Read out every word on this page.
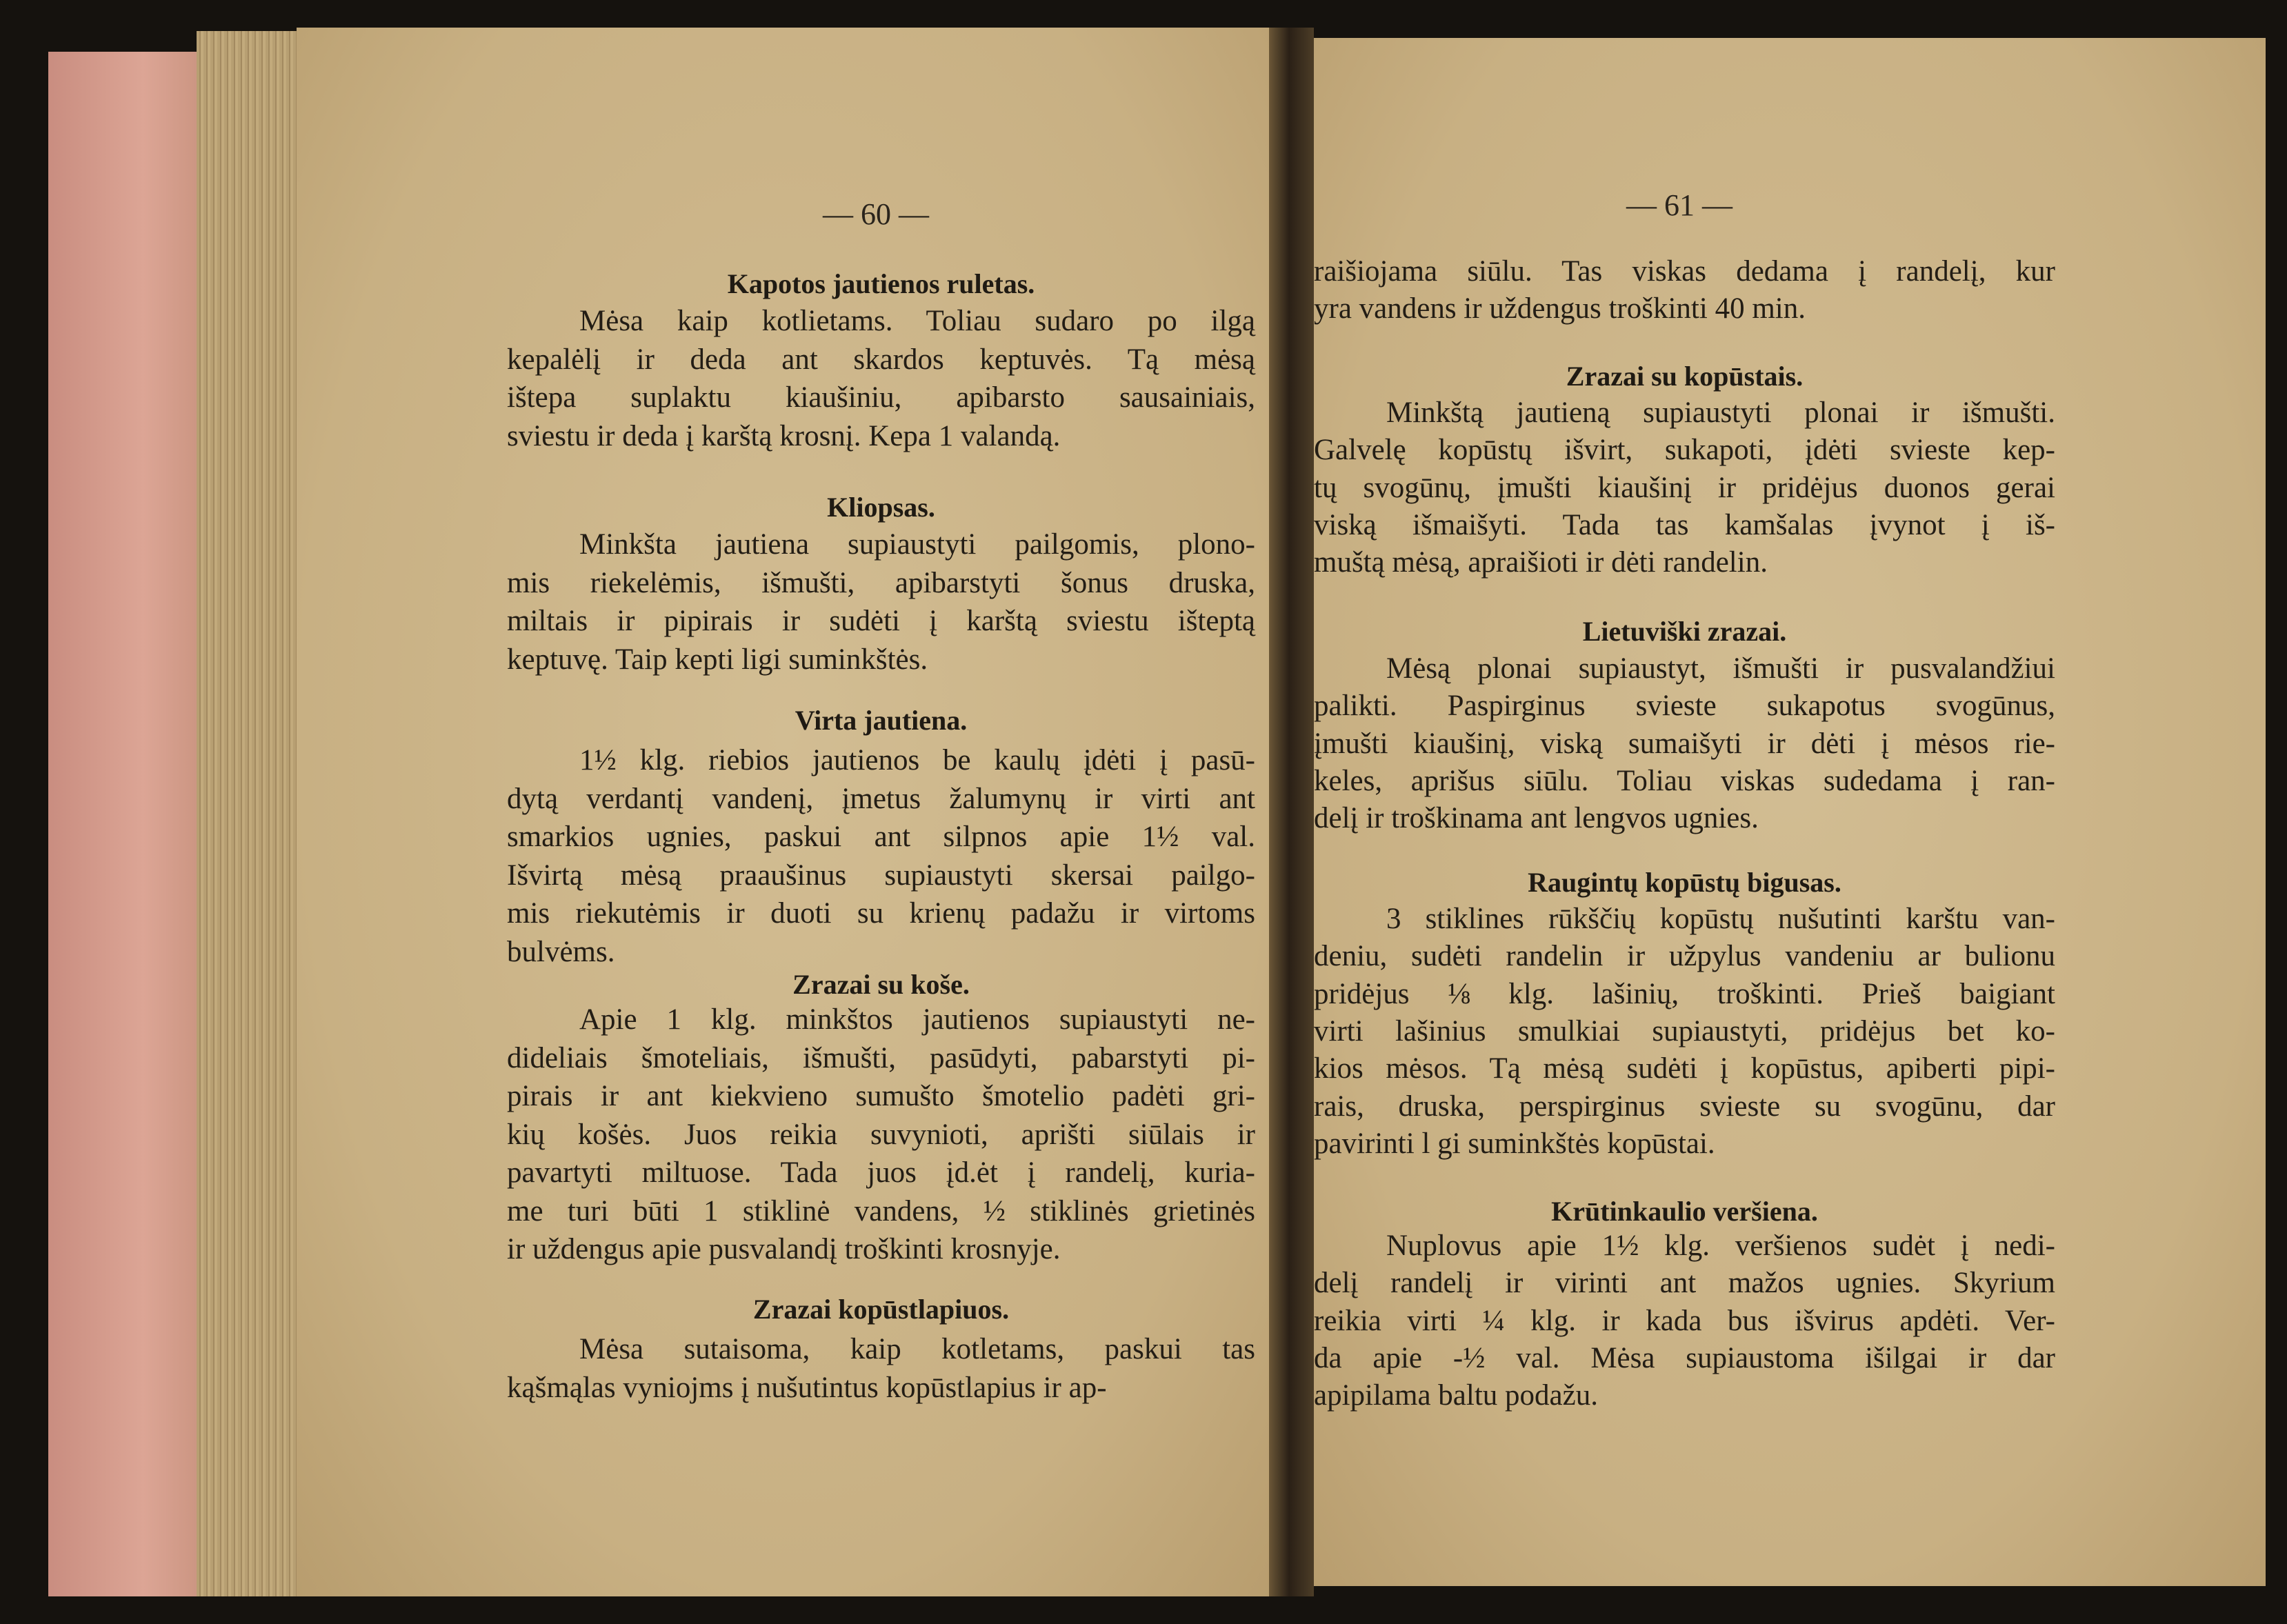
— 60 —	— 61 —
Kapotos jautienos ruletas.
Mėsa kaip kotlietams. Toliau sudaro po ilgą
kepalėlį ir deda ant skardos keptuvės. Tą mėsą
ištepa suplaktu kiaušiniu, apibarsto sausainiais,
sviestu ir deda į karštą krosnį. Kepa 1 valandą.
Kliopsas.
Minkšta jautiena supiaustyti pailgomis, plono-
mis riekelėmis, išmušti, apibarstyti šonus druska,
miltais ir pipirais ir sudėti į karštą sviestu išteptą
keptuvę. Taip kepti ligi suminkštės.
Virta jautiena.
1½ klg. riebios jautienos be kaulų įdėti į pasū-
dytą verdantį vandenį, įmetus žalumynų ir virti ant
smarkios ugnies, paskui ant silpnos apie 1½ val.
Išvirtą mėsą praaušinus supiaustyti skersai pailgo-
mis riekutėmis ir duoti su krienų padažu ir virtoms
bulvėms.
Zrazai su koše.
Apie 1 klg. minkštos jautienos supiaustyti ne-
dideliais šmoteliais, išmušti, pasūdyti, pabarstyti pi-
pirais ir ant kiekvieno sumušto šmotelio padėti gri-
kių košės. Juos reikia suvynioti, aprišti siūlais ir
pavartyti miltuose. Tada juos įd.ėt į randelį, kuria-
me turi būti 1 stiklinė vandens, ½ stiklinės grietinės
ir uždengus apie pusvalandį troškinti krosnyje.
Zrazai kopūstlapiuos.
Mėsa sutaisoma, kaip kotletams, paskui tas
kąšmąlas vyniojms į nušutintus kopūstlapius ir ap-
raišiojama siūlu. Tas viskas dedama į randelį, kur
yra vandens ir uždengus troškinti 40 min.
Zrazai su kopūstais.
Minkštą jautieną supiaustyti plonai ir išmušti.
Galvelę kopūstų išvirt, sukapoti, įdėti svieste kep-
tų svogūnų, įmušti kiaušinį ir pridėjus duonos gerai
viską išmaišyti. Tada tas kamšalas įvynot į iš-
muštą mėsą, apraišioti ir dėti randelin.
Lietuviški zrazai.
Mėsą plonai supiaustyt, išmušti ir pusvalandžiui
palikti. Paspirginus svieste sukapotus svogūnus,
įmušti kiaušinį, viską sumaišyti ir dėti į mėsos rie-
keles, aprišus siūlu. Toliau viskas sudedama į ran-
delį ir troškinama ant lengvos ugnies.
Raugintų kopūstų bigusas.
3 stiklines rūkščių kopūstų nušutinti karštu van-
deniu, sudėti randelin ir užpylus vandeniu ar bulionu
pridėjus ⅛ klg. lašinių, troškinti. Prieš baigiant
virti lašinius smulkiai supiaustyti, pridėjus bet ko-
kios mėsos. Tą mėsą sudėti į kopūstus, apiberti pipi-
rais, druska, perspirginus svieste su svogūnu, dar
pavirinti l gi suminkštės kopūstai.
Krūtinkaulio veršiena.
Nuplovus apie 1½ klg. veršienos sudėt į nedi-
delį randelį ir virinti ant mažos ugnies. Skyrium
reikia virti ¼ klg. ir kada bus išvirus apdėti. Ver-
da apie -½ val. Mėsa supiaustoma išilgai ir dar
apipilama baltu podažu.
